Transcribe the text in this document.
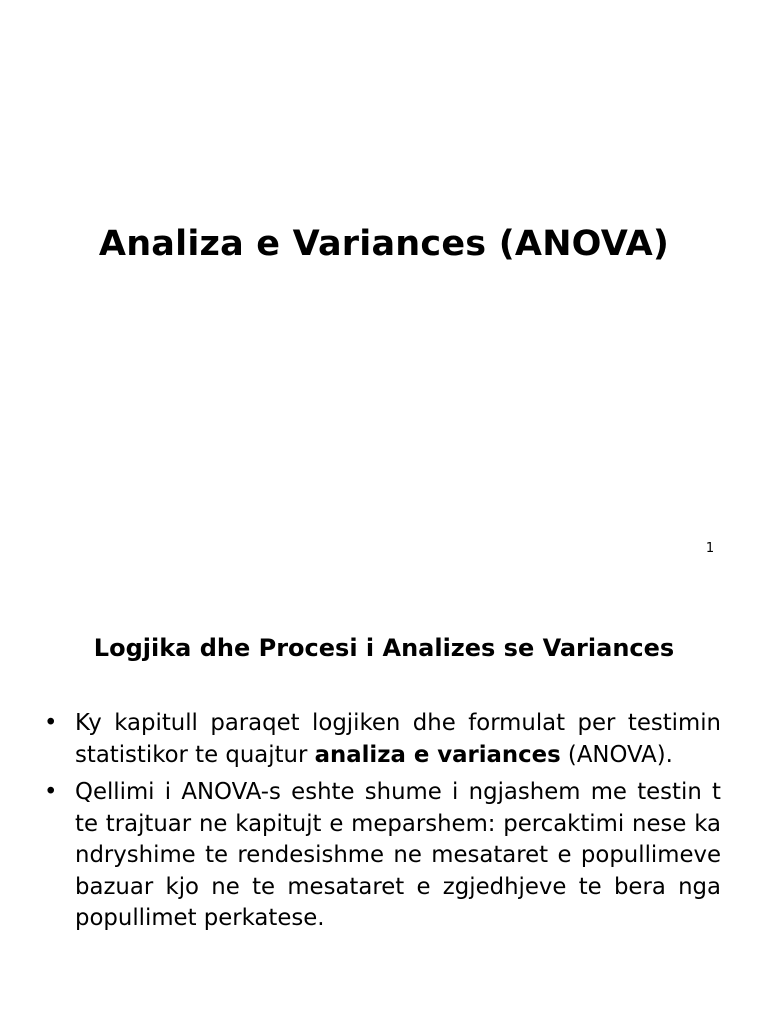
Analiza e Variances (ANOVA)
1
Logjika dhe Procesi i Analizes se Variances
• Ky kapitull paraqet logjiken dhe formulat per testimin statistikor te quajtur analiza e variances (ANOVA).
• Qellimi i ANOVA-s eshte shume i ngjashem me testin t te trajtuar ne kapitujt e meparshem: percaktimi nese ka ndryshime te rendesishme ne mesataret e popullimeve bazuar kjo ne te mesataret e zgjedhjeve te bera nga popullimet perkatese.
